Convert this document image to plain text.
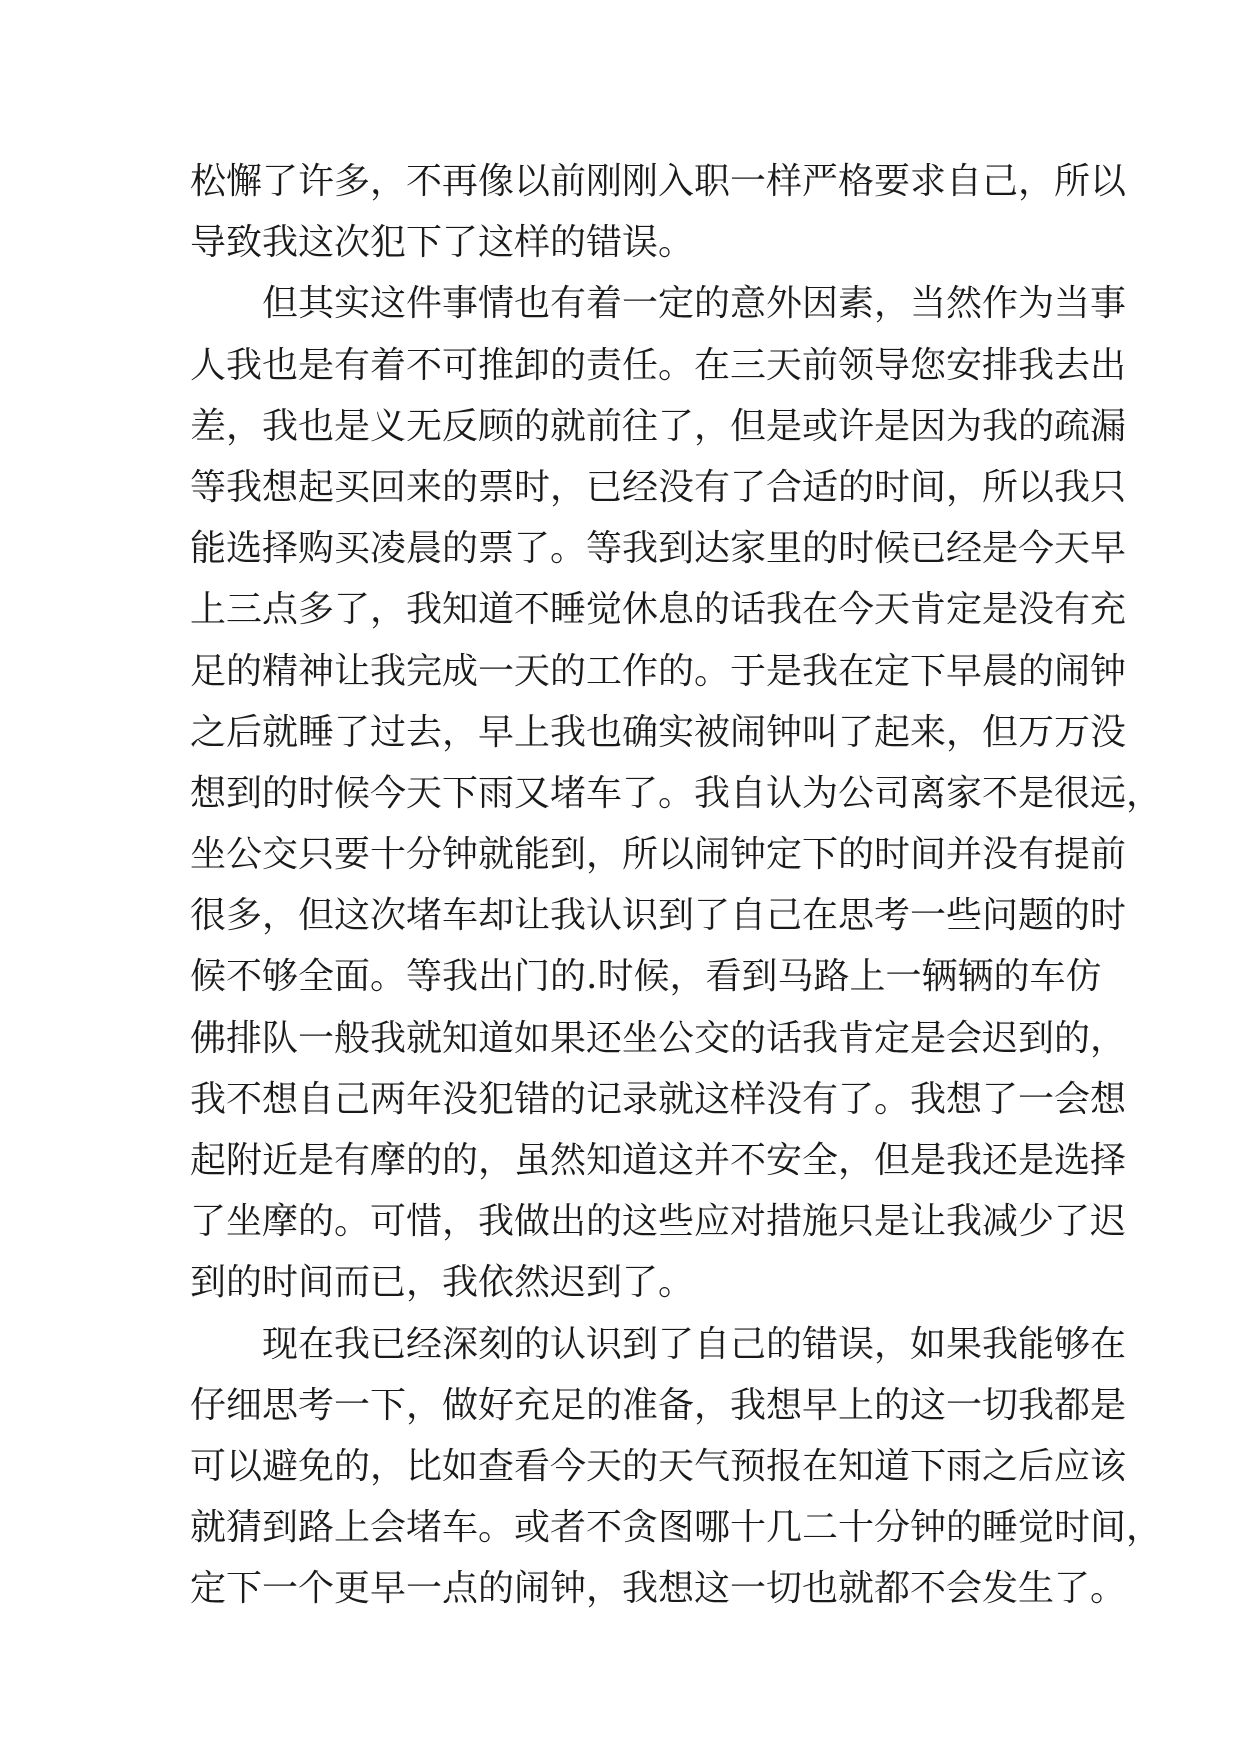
松懈了许多，不再像以前刚刚入职一样严格要求自己，所以
导致我这次犯下了这样的错误。
但其实这件事情也有着一定的意外因素，当然作为当事
人我也是有着不可推卸的责任。在三天前领导您安排我去出
差，我也是义无反顾的就前往了，但是或许是因为我的疏漏
等我想起买回来的票时，已经没有了合适的时间，所以我只
能选择购买凌晨的票了。等我到达家里的时候已经是今天早
上三点多了，我知道不睡觉休息的话我在今天肯定是没有充
足的精神让我完成一天的工作的。于是我在定下早晨的闹钟
之后就睡了过去，早上我也确实被闹钟叫了起来，但万万没
想到的时候今天下雨又堵车了。我自认为公司离家不是很远，
坐公交只要十分钟就能到，所以闹钟定下的时间并没有提前
很多，但这次堵车却让我认识到了自己在思考一些问题的时
候不够全面。等我出门的.时候，看到马路上一辆辆的车仿
佛排队一般我就知道如果还坐公交的话我肯定是会迟到的，
我不想自己两年没犯错的记录就这样没有了。我想了一会想
起附近是有摩的的，虽然知道这并不安全，但是我还是选择
了坐摩的。可惜，我做出的这些应对措施只是让我减少了迟
到的时间而已，我依然迟到了。
现在我已经深刻的认识到了自己的错误，如果我能够在
仔细思考一下，做好充足的准备，我想早上的这一切我都是
可以避免的，比如查看今天的天气预报在知道下雨之后应该
就猜到路上会堵车。或者不贪图哪十几二十分钟的睡觉时间，
定下一个更早一点的闹钟，我想这一切也就都不会发生了。
